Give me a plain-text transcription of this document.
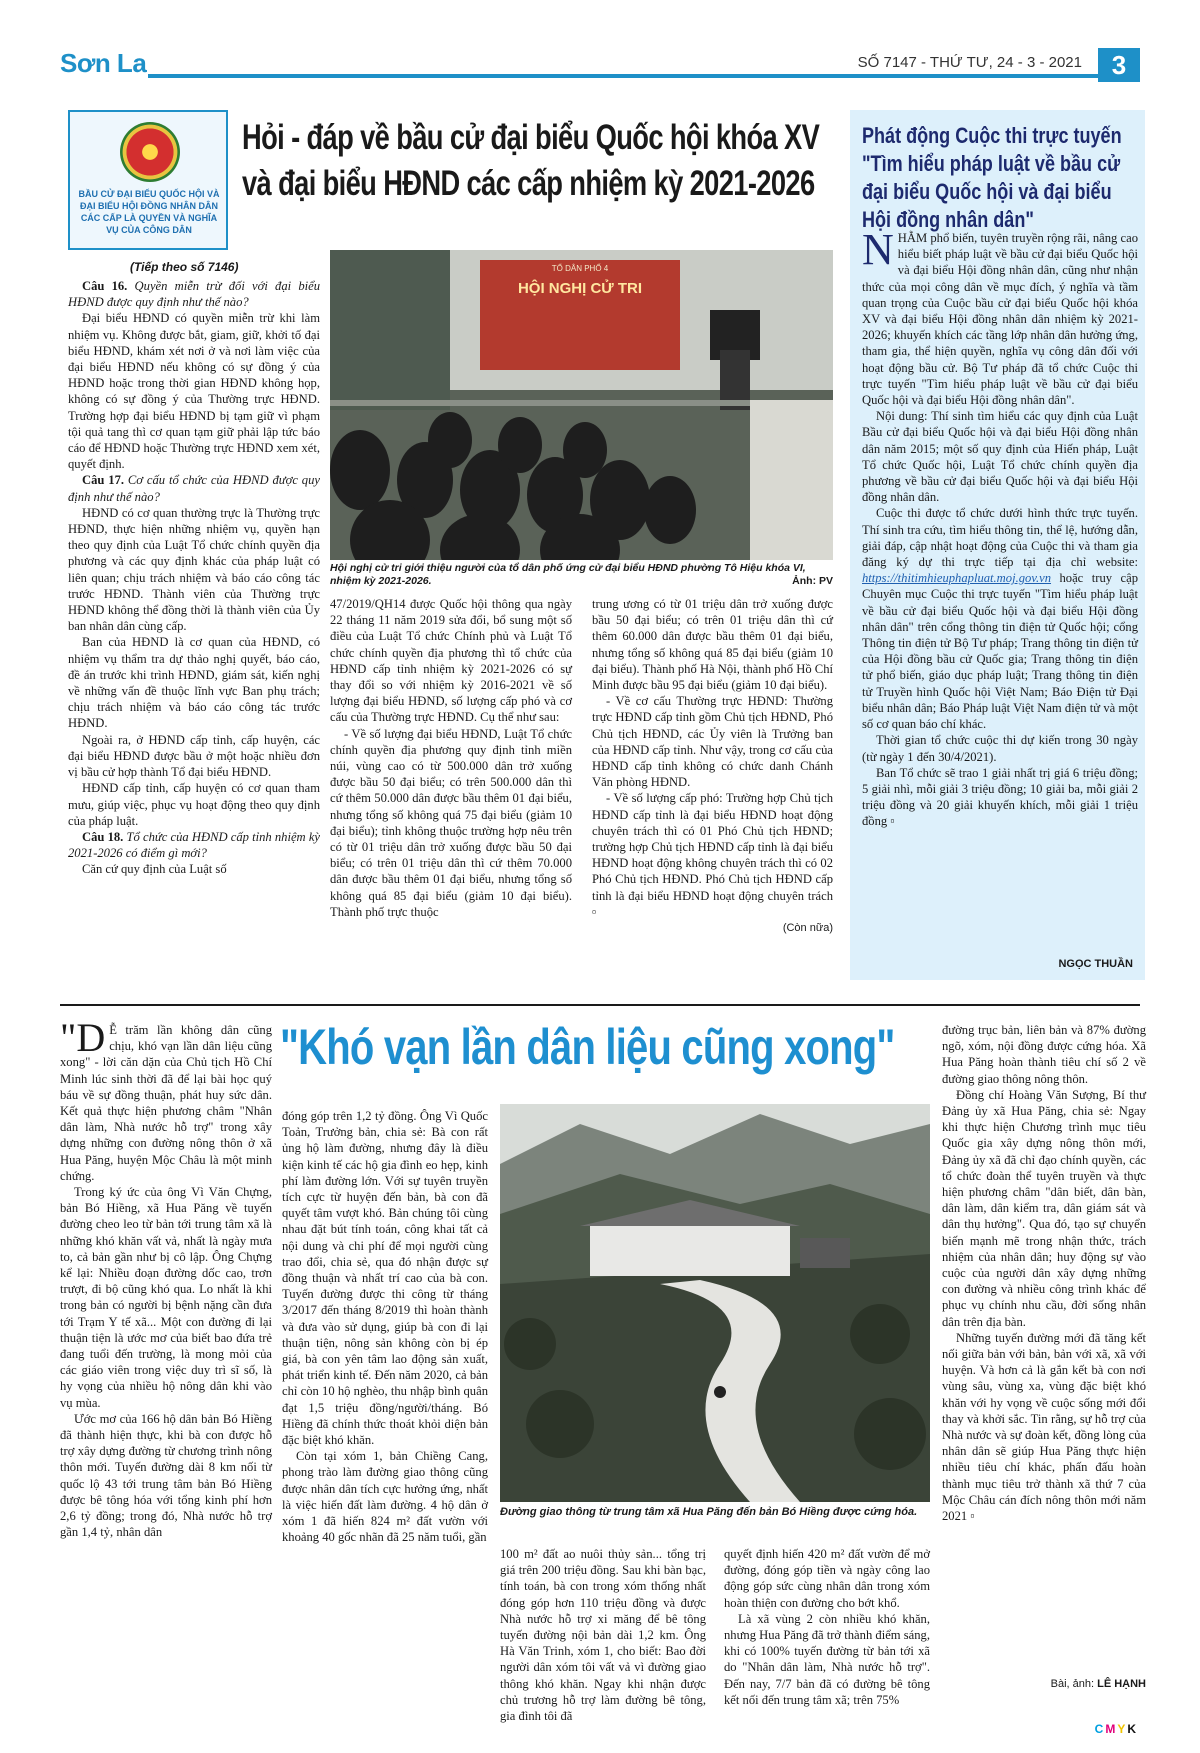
Sơn La	SỐ 7147 - THỨ TƯ, 24 - 3 - 2021	3
BẦU CỬ ĐẠI BIỂU QUỐC HỘI VÀ ĐẠI BIỂU HỘI ĐỒNG NHÂN DÂN CÁC CẤP LÀ QUYỀN VÀ NGHĨA VỤ CỦA CÔNG DÂN
Hỏi - đáp về bầu cử đại biểu Quốc hội khóa XV
và đại biểu HĐND các cấp nhiệm kỳ 2021-2026
(Tiếp theo số 7146)

Câu 16. Quyền miễn trừ đối với đại biểu HĐND được quy định như thế nào?

Đại biểu HĐND có quyền miễn trừ khi làm nhiệm vụ. Không được bắt, giam, giữ, khởi tố đại biểu HĐND, khám xét nơi ở và nơi làm việc của đại biểu HĐND nếu không có sự đồng ý của HĐND hoặc trong thời gian HĐND không họp, không có sự đồng ý của Thường trực HĐND. Trường hợp đại biểu HĐND bị tạm giữ vì phạm tội quả tang thì cơ quan tạm giữ phải lập tức báo cáo để HĐND hoặc Thường trực HĐND xem xét, quyết định.

Câu 17. Cơ cấu tổ chức của HĐND được quy định như thế nào?

HĐND có cơ quan thường trực là Thường trực HĐND, thực hiện những nhiệm vụ, quyền hạn theo quy định của Luật Tổ chức chính quyền địa phương và các quy định khác của pháp luật có liên quan; chịu trách nhiệm và báo cáo công tác trước HĐND. Thành viên của Thường trực HĐND không thể đồng thời là thành viên của Ủy ban nhân dân cùng cấp.

Ban của HĐND là cơ quan của HĐND, có nhiệm vụ thẩm tra dự thảo nghị quyết, báo cáo, đề án trước khi trình HĐND, giám sát, kiến nghị về những vấn đề thuộc lĩnh vực Ban phụ trách; chịu trách nhiệm và báo cáo công tác trước HĐND.

Ngoài ra, ở HĐND cấp tỉnh, cấp huyện, các đại biểu HĐND được bầu ở một hoặc nhiều đơn vị bầu cử hợp thành Tổ đại biểu HĐND.

HĐND cấp tỉnh, cấp huyện có cơ quan tham mưu, giúp việc, phục vụ hoạt động theo quy định của pháp luật.

Câu 18. Tổ chức của HĐND cấp tỉnh nhiệm kỳ 2021-2026 có điểm gì mới?

Căn cứ quy định của Luật số

TỔ DÂN PHỐ 4
HỘI NGHỊ CỬ TRI
Hội nghị cử tri giới thiệu người của tổ dân phố ứng cử đại biểu HĐND phường Tô Hiệu khóa VI, nhiệm kỳ 2021-2026.	Ảnh: PV

47/2019/QH14 được Quốc hội thông qua ngày 22 tháng 11 năm 2019 sửa đổi, bổ sung một số điều của Luật Tổ chức Chính phủ và Luật Tổ chức chính quyền địa phương thì tổ chức của HĐND cấp tỉnh nhiệm kỳ 2021-2026 có sự thay đổi so với nhiệm kỳ 2016-2021 về số lượng đại biểu HĐND, số lượng cấp phó và cơ cấu của Thường trực HĐND. Cụ thể như sau:

- Về số lượng đại biểu HĐND, Luật Tổ chức chính quyền địa phương quy định tỉnh miền núi, vùng cao có từ 500.000 dân trở xuống được bầu 50 đại biểu; có trên 500.000 dân thì cứ thêm 50.000 dân được bầu thêm 01 đại biểu, nhưng tổng số không quá 75 đại biểu (giảm 10 đại biểu); tỉnh không thuộc trường hợp nêu trên có từ 01 triệu dân trở xuống được bầu 50 đại biểu; có trên 01 triệu dân thì cứ thêm 70.000 dân được bầu thêm 01 đại biểu, nhưng tổng số không quá 85 đại biểu (giảm 10 đại biểu). Thành phố trực thuộc

trung ương có từ 01 triệu dân trở xuống được bầu 50 đại biểu; có trên 01 triệu dân thì cứ thêm 60.000 dân được bầu thêm 01 đại biểu, nhưng tổng số không quá 85 đại biểu (giảm 10 đại biểu). Thành phố Hà Nội, thành phố Hồ Chí Minh được bầu 95 đại biểu (giảm 10 đại biểu).

- Về cơ cấu Thường trực HĐND: Thường trực HĐND cấp tỉnh gồm Chủ tịch HĐND, Phó Chủ tịch HĐND, các Ủy viên là Trưởng ban của HĐND cấp tỉnh. Như vậy, trong cơ cấu của HĐND cấp tỉnh không có chức danh Chánh Văn phòng HĐND.

- Về số lượng cấp phó: Trường hợp Chủ tịch HĐND cấp tỉnh là đại biểu HĐND hoạt động chuyên trách thì có 01 Phó Chủ tịch HĐND; trường hợp Chủ tịch HĐND cấp tỉnh là đại biểu HĐND hoạt động không chuyên trách thì có 02 Phó Chủ tịch HĐND. Phó Chủ tịch HĐND cấp tỉnh là đại biểu HĐND hoạt động chuyên trách ▫

(Còn nữa)
Phát động Cuộc thi trực tuyến "Tìm hiểu pháp luật về bầu cử đại biểu Quốc hội và đại biểu Hội đồng nhân dân"

NHẰM phổ biến, tuyên truyền rộng rãi, nâng cao hiểu biết pháp luật về bầu cử đại biểu Quốc hội và đại biểu Hội đồng nhân dân, cũng như nhận thức của mọi công dân về mục đích, ý nghĩa và tầm quan trọng của Cuộc bầu cử đại biểu Quốc hội khóa XV và đại biểu Hội đồng nhân dân nhiệm kỳ 2021-2026; khuyến khích các tầng lớp nhân dân hưởng ứng, tham gia, thể hiện quyền, nghĩa vụ công dân đối với hoạt động bầu cử. Bộ Tư pháp đã tổ chức Cuộc thi trực tuyến "Tìm hiểu pháp luật về bầu cử đại biểu Quốc hội và đại biểu Hội đồng nhân dân".

Nội dung: Thí sinh tìm hiểu các quy định của Luật Bầu cử đại biểu Quốc hội và đại biểu Hội đồng nhân dân năm 2015; một số quy định của Hiến pháp, Luật Tổ chức Quốc hội, Luật Tổ chức chính quyền địa phương về bầu cử đại biểu Quốc hội và đại biểu Hội đồng nhân dân.

Cuộc thi được tổ chức dưới hình thức trực tuyến. Thí sinh tra cứu, tìm hiểu thông tin, thể lệ, hướng dẫn, giải đáp, cập nhật hoạt động của Cuộc thi và tham gia đăng ký dự thi trực tiếp tại địa chỉ website: https://thitimhieuphapluat.moj.gov.vn hoặc truy cập Chuyên mục Cuộc thi trực tuyến "Tìm hiểu pháp luật về bầu cử đại biểu Quốc hội và đại biểu Hội đồng nhân dân" trên cổng thông tin điện tử Quốc hội; cổng Thông tin điện tử Bộ Tư pháp; Trang thông tin điện tử của Hội đồng bầu cử Quốc gia; Trang thông tin điện tử phổ biến, giáo dục pháp luật; Trang thông tin điện tử Truyền hình Quốc hội Việt Nam; Báo Điện tử Đại biểu nhân dân; Báo Pháp luật Việt Nam điện tử và một số cơ quan báo chí khác.

Thời gian tổ chức cuộc thi dự kiến trong 30 ngày (từ ngày 1 đến 30/4/2021).

Ban Tổ chức sẽ trao 1 giải nhất trị giá 6 triệu đồng; 5 giải nhì, mỗi giải 3 triệu đồng; 10 giải ba, mỗi giải 2 triệu đồng và 20 giải khuyến khích, mỗi giải 1 triệu đồng ▫

NGỌC THUẦN
"Khó vạn lần dân liệu cũng xong"

"D Ễ trăm lần không dân cũng chịu, khó vạn lần dân liệu cũng xong" - lời căn dặn của Chủ tịch Hồ Chí Minh lúc sinh thời đã để lại bài học quý báu về sự đồng thuận, phát huy sức dân. Kết quả thực hiện phương châm "Nhân dân làm, Nhà nước hỗ trợ" trong xây dựng những con đường nông thôn ở xã Hua Păng, huyện Mộc Châu là một minh chứng.

Trong ký ức của ông Vì Văn Chựng, bản Bó Hiềng, xã Hua Păng về tuyến đường cheo leo từ bản tới trung tâm xã là những khó khăn vất vả, nhất là ngày mưa to, cả bản gần như bị cô lập. Ông Chựng kể lại: Nhiều đoạn đường dốc cao, trơn trượt, đi bộ cũng khó qua. Lo nhất là khi trong bản có người bị bệnh nặng cần đưa tới Trạm Y tế xã... Một con đường đi lại thuận tiện là ước mơ của biết bao đứa trẻ đang tuổi đến trường, là mong mỏi của các giáo viên trong việc duy trì sĩ số, là hy vọng của nhiều hộ nông dân khi vào vụ mùa.

Ước mơ của 166 hộ dân bản Bó Hiềng đã thành hiện thực, khi bà con được hỗ trợ xây dựng đường từ chương trình nông thôn mới. Tuyến đường dài 8 km nối từ quốc lộ 43 tới trung tâm bản Bó Hiềng được bê tông hóa với tổng kinh phí hơn 2,6 tỷ đồng; trong đó, Nhà nước hỗ trợ gần 1,4 tỷ, nhân dân

đóng góp trên 1,2 tỷ đồng. Ông Vì Quốc Toản, Trưởng bản, chia sẻ: Bà con rất ủng hộ làm đường, nhưng đây là điều kiện kinh tế các hộ gia đình eo hẹp, kinh phí làm đường lớn. Với sự tuyên truyền tích cực từ huyện đến bản, bà con đã quyết tâm vượt khó. Bản chúng tôi cùng nhau đặt bút tính toán, công khai tất cả nội dung và chi phí để mọi người cùng trao đổi, chia sẻ, qua đó nhận được sự đồng thuận và nhất trí cao của bà con. Tuyến đường được thi công từ tháng 3/2017 đến tháng 8/2019 thì hoàn thành và đưa vào sử dụng, giúp bà con đi lại thuận tiện, nông sản không còn bị ép giá, bà con yên tâm lao động sản xuất, phát triển kinh tế. Đến năm 2020, cả bản chỉ còn 10 hộ nghèo, thu nhập bình quân đạt 1,5 triệu đồng/người/tháng. Bó Hiềng đã chính thức thoát khỏi diện bản đặc biệt khó khăn.

Còn tại xóm 1, bản Chiềng Cang, phong trào làm đường giao thông cũng được nhân dân tích cực hưởng ứng, nhất là việc hiến đất làm đường. 4 hộ dân ở xóm 1 đã hiến 824 m² đất vườn với khoảng 40 gốc nhãn đã 25 năm tuổi, gần

Đường giao thông từ trung tâm xã Hua Păng đến bản Bó Hiềng được cứng hóa.

100 m² đất ao nuôi thủy sản... tổng trị giá trên 200 triệu đồng. Sau khi bàn bạc, tính toán, bà con trong xóm thống nhất đóng góp hơn 110 triệu đồng và được Nhà nước hỗ trợ xi măng để bê tông tuyến đường nội bản dài 1,2 km. Ông Hà Văn Trinh, xóm 1, cho biết: Bao đời người dân xóm tôi vất vả vì đường giao thông khó khăn. Ngay khi nhận được chủ trương hỗ trợ làm đường bê tông, gia đình tôi đã

quyết định hiến 420 m² đất vườn để mở đường, đóng góp tiền và ngày công lao động góp sức cùng nhân dân trong xóm hoàn thiện con đường cho bớt khổ.

Là xã vùng 2 còn nhiều khó khăn, nhưng Hua Păng đã trở thành điểm sáng, khi có 100% tuyến đường từ bản tới xã do "Nhân dân làm, Nhà nước hỗ trợ". Đến nay, 7/7 bản đã có đường bê tông kết nối đến trung tâm xã; trên 75%

đường trục bản, liên bản và 87% đường ngõ, xóm, nội đồng được cứng hóa. Xã Hua Păng hoàn thành tiêu chí số 2 về đường giao thông nông thôn.

Đồng chí Hoàng Văn Sượng, Bí thư Đảng ủy xã Hua Păng, chia sẻ: Ngay khi thực hiện Chương trình mục tiêu Quốc gia xây dựng nông thôn mới, Đảng ủy xã đã chỉ đạo chính quyền, các tổ chức đoàn thể tuyên truyền và thực hiện phương châm "dân biết, dân bàn, dân làm, dân kiểm tra, dân giám sát và dân thụ hưởng". Qua đó, tạo sự chuyển biến mạnh mẽ trong nhận thức, trách nhiệm của nhân dân; huy động sự vào cuộc của người dân xây dựng những con đường và nhiều công trình khác để phục vụ chính nhu cầu, đời sống nhân dân trên địa bàn.

Những tuyến đường mới đã tăng kết nối giữa bản với bản, bản với xã, xã với huyện. Và hơn cả là gắn kết bà con nơi vùng sâu, vùng xa, vùng đặc biệt khó khăn với hy vọng về cuộc sống mới đổi thay và khởi sắc. Tin rằng, sự hỗ trợ của Nhà nước và sự đoàn kết, đồng lòng của nhân dân sẽ giúp Hua Păng thực hiện nhiều tiêu chí khác, phấn đấu hoàn thành mục tiêu trở thành xã thứ 7 của Mộc Châu cán đích nông thôn mới năm 2021 ▫

Bài, ảnh: LÊ HẠNH
CMYK
